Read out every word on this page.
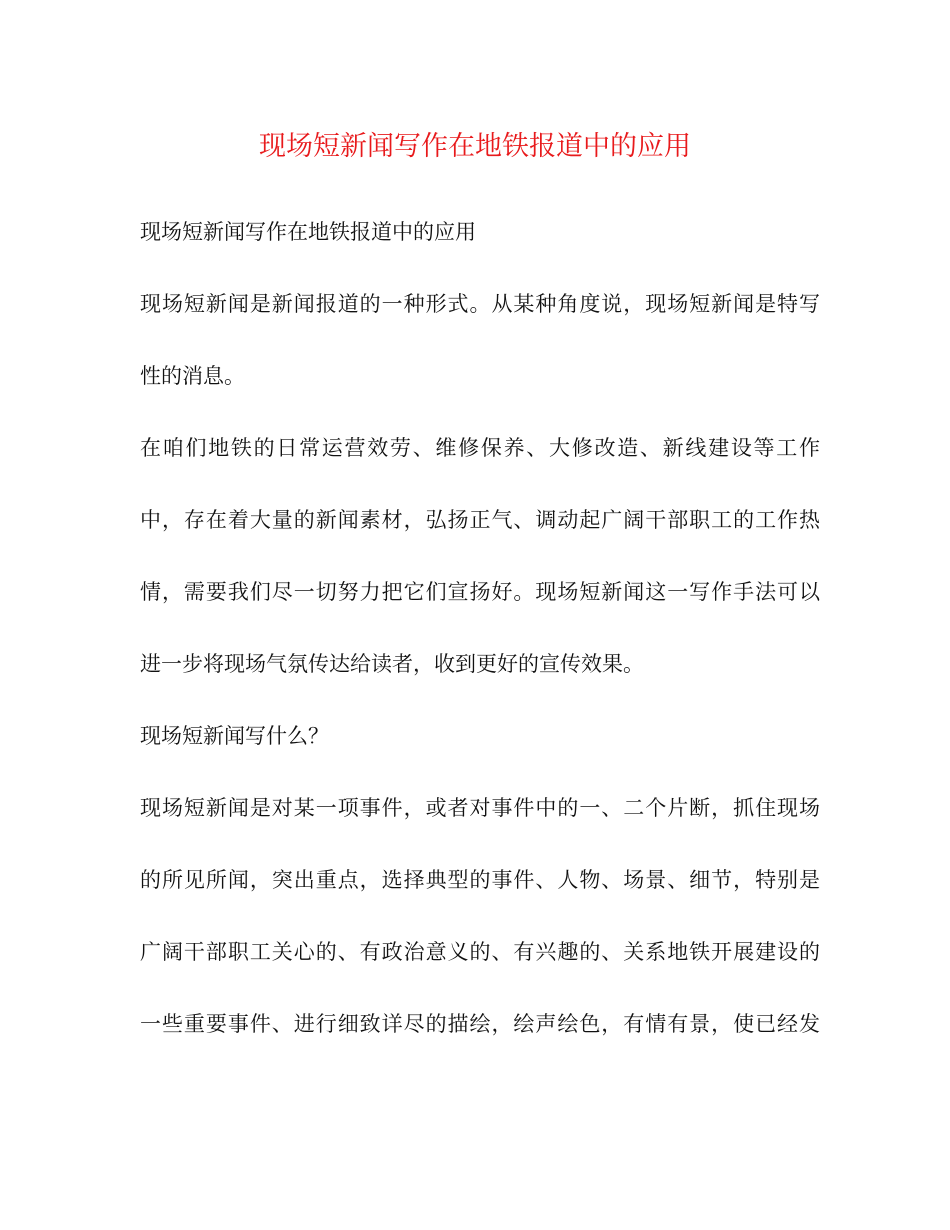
现场短新闻写作在地铁报道中的应用
现场短新闻写作在地铁报道中的应用
现场短新闻是新闻报道的一种形式。从某种角度说，现场短新闻是特写
性的消息。
在咱们地铁的日常运营效劳、维修保养、大修改造、新线建设等工作
中，存在着大量的新闻素材，弘扬正气、调动起广阔干部职工的工作热
情，需要我们尽一切努力把它们宣扬好。现场短新闻这一写作手法可以
进一步将现场气氛传达给读者，收到更好的宣传效果。
现场短新闻写什么？
现场短新闻是对某一项事件，或者对事件中的一、二个片断，抓住现场
的所见所闻，突出重点，选择典型的事件、人物、场景、细节，特别是
广阔干部职工关心的、有政治意义的、有兴趣的、关系地铁开展建设的
一些重要事件、进行细致详尽的描绘，绘声绘色，有情有景，使已经发
